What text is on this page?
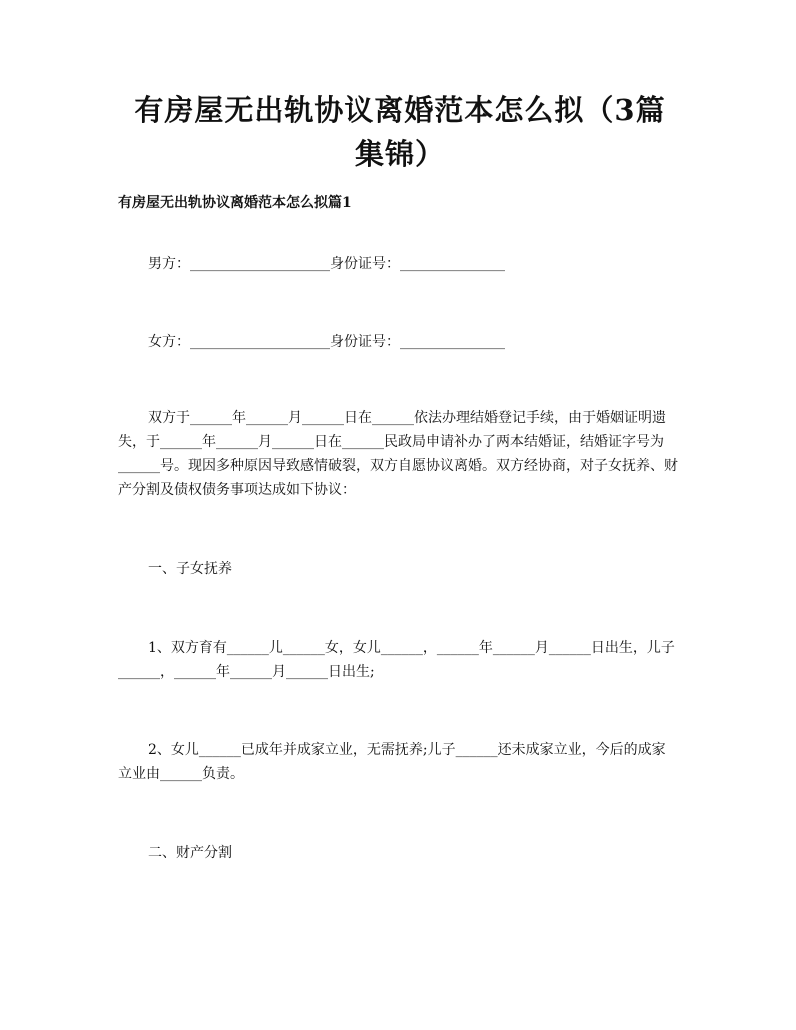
有房屋无出轨协议离婚范本怎么拟（3篇集锦）
有房屋无出轨协议离婚范本怎么拟篇1
男方：____________________身份证号：_______________
女方：____________________身份证号：_______________
双方于______年______月______日在______依法办理结婚登记手续，由于婚姻证明遗失，于______年______月______日在______民政局申请补办了两本结婚证，结婚证字号为______号。现因多种原因导致感情破裂，双方自愿协议离婚。双方经协商，对子女抚养、财产分割及债权债务事项达成如下协议：
一、子女抚养
1、双方育有______儿______女，女儿______，______年______月______日出生，儿子______，______年______月______日出生;
2、女儿______已成年并成家立业，无需抚养;儿子______还未成家立业，今后的成家立业由______负责。
二、财产分割
